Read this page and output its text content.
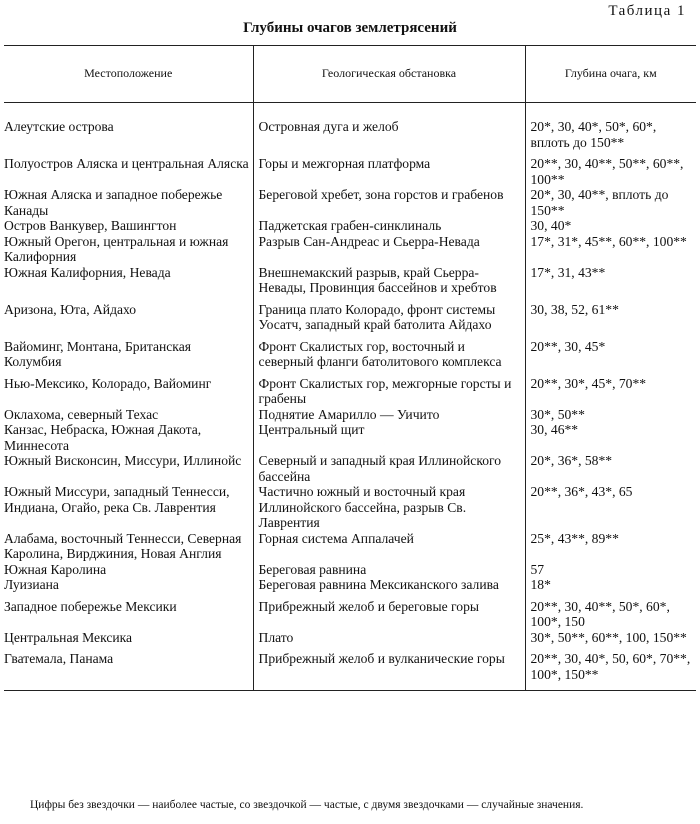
Таблица 1
Глубины очагов землетрясений
Местоположение	Геологическая обстановка	Глубина очага, км
Алеутские острова	Островная дуга и желоб	20*, 30, 40*, 50*, 60*, вплоть до 150**
Полуостров Аляска и центральная Аляска	Горы и межгорная платформа	20**, 30, 40**, 50**, 60**, 100**
Южная Аляска и западное побережье Канады	Береговой хребет, зона горстов и грабенов	20*, 30, 40**, вплоть до 150**
Остров Ванкувер, Вашингтон	Паджетская грабен-синклиналь	30, 40*
Южный Орегон, центральная и южная Калифорния	Разрыв Сан-Андреас и Сьерра-Невада	17*, 31*, 45**, 60**, 100**
Южная Калифорния, Невада	Внешнемакский разрыв, край Сьерра-Невады, Провинция бассейнов и хребтов	17*, 31, 43**
Аризона, Юта, Айдахо	Граница плато Колорадо, фронт системы Уосатч, западный край батолита Айдахо	30, 38, 52, 61**
Вайоминг, Монтана, Британская Колумбия	Фронт Скалистых гор, восточный и северный фланги батолитового комплекса	20**, 30, 45*
Нью-Мексико, Колорадо, Вайоминг	Фронт Скалистых гор, межгорные горсты и грабены	20**, 30*, 45*, 70**
Оклахома, северный Техас	Поднятие Амарилло — Уичито	30*, 50**
Канзас, Небраска, Южная Дакота, Миннесота	Центральный щит	30, 46**
Южный Висконсин, Миссури, Иллинойс	Северный и западный края Иллинойского бассейна	20*, 36*, 58**
Южный Миссури, западный Теннесси, Индиана, Огайо, река Св. Лаврентия	Частично южный и восточный края Иллинойского бассейна, разрыв Св. Лаврентия	20**, 36*, 43*, 65
Алабама, восточный Теннесси, Северная Каролина, Вирджиния, Новая Англия	Горная система Аппалачей	25*, 43**, 89**
Южная Каролина	Береговая равнина	57
Луизиана	Береговая равнина Мексиканского залива	18*
Западное побережье Мексики	Прибрежный желоб и береговые горы	20**, 30, 40**, 50*, 60*, 100*, 150
Центральная Мексика	Плато	30*, 50**, 60**, 100, 150**
Гватемала, Панама	Прибрежный желоб и вулканические горы	20**, 30, 40*, 50, 60*, 70**, 100*, 150**
Цифры без звездочки — наиболее частые, со звездочкой — частые, с двумя звездочками — случайные значения.
